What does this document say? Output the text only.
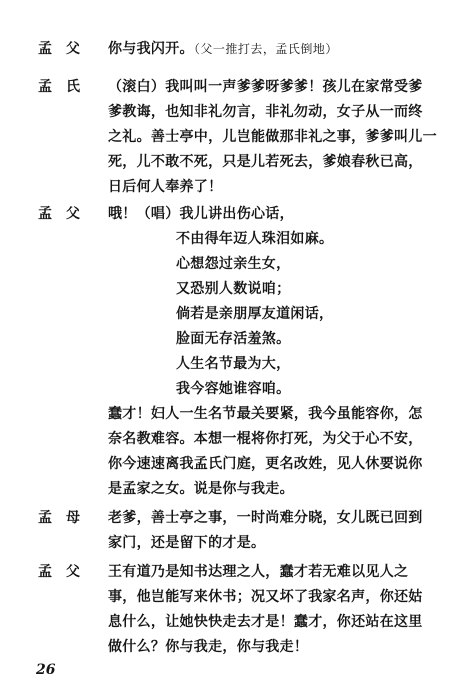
孟父 你与我闪开。（父一推打去，孟氏倒地）
孟氏 （滚白）我叫叫一声爹爹呀爹爹！孩儿在家常受爹
爹教诲，也知非礼勿言，非礼勿动，女子从一而终
之礼。善士亭中，儿岂能做那非礼之事，爹爹叫儿一
死，儿不敢不死，只是儿若死去，爹娘春秋已高，
日后何人奉养了！
孟父 哦！（唱）我儿讲出伤心话，
不由得年迈人珠泪如麻。
心想怨过亲生女，
又恐别人数说咱；
倘若是亲朋厚友道闲话，
脸面无存活羞煞。
人生名节最为大，
我今容她谁容咱。
蠢才！妇人一生名节最关要紧，我今虽能容你，怎
奈名教难容。本想一棍将你打死，为父于心不安，
你今速速离我孟氏门庭，更名改姓，见人休要说你
是孟家之女。说是你与我走。
孟母 老爹，善士亭之事，一时尚难分晓，女儿既已回到
家门，还是留下的才是。
孟父 王有道乃是知书达理之人，蠢才若无难以见人之
事，他岂能写来休书；况又坏了我家名声，你还姑
息什么，让她快快走去才是！蠢才，你还站在这里
做什么？你与我走，你与我走！
26
